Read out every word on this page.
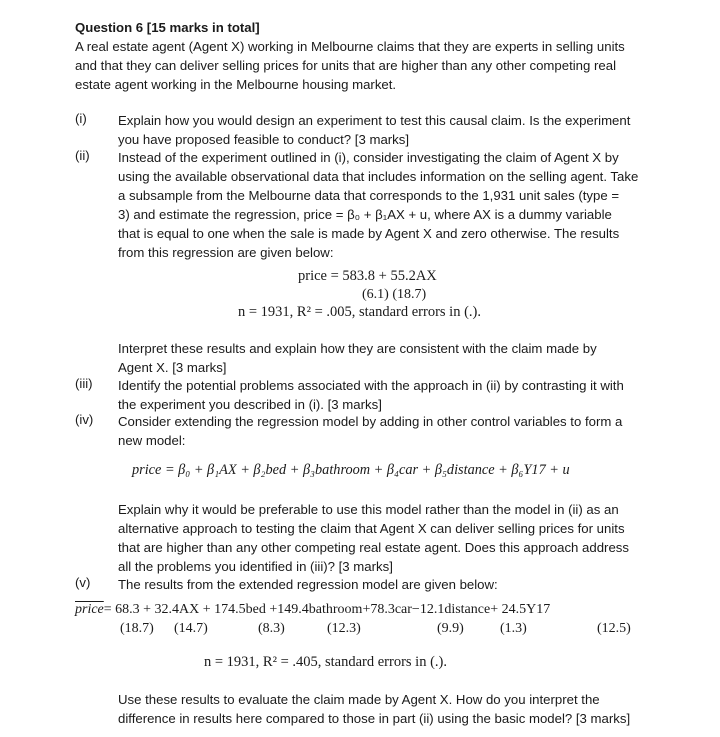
Question 6 [15 marks in total]
A real estate agent (Agent X) working in Melbourne claims that they are experts in selling units
and that they can deliver selling prices for units that are higher than any other competing real
estate agent working in the Melbourne housing market.
(i) Explain how you would design an experiment to test this causal claim. Is the experiment
you have proposed feasible to conduct? [3 marks]
(ii) Instead of the experiment outlined in (i), consider investigating the claim of Agent X by
using the available observational data that includes information on the selling agent. Take
a subsample from the Melbourne data that corresponds to the 1,931 unit sales (type =
3) and estimate the regression, price = β₀ + β₁AX + u, where AX is a dummy variable
that is equal to one when the sale is made by Agent X and zero otherwise. The results
from this regression are given below:
price = 583.8 + 55.2AX
(6.1) (18.7)
n = 1931, R² = .005, standard errors in (.).
Interpret these results and explain how they are consistent with the claim made by
Agent X. [3 marks]
(iii) Identify the potential problems associated with the approach in (ii) by contrasting it with
the experiment you described in (i). [3 marks]
(iv) Consider extending the regression model by adding in other control variables to form a
new model:
price = β₀ + β₁AX + β₂bed + β₃bathroom + β₄car + β₅distance + β₆Y17 + u
Explain why it would be preferable to use this model rather than the model in (ii) as an
alternative approach to testing the claim that Agent X can deliver selling prices for units
that are higher than any other competing real estate agent. Does this approach address
all the problems you identified in (iii)? [3 marks]
(v) The results from the extended regression model are given below:
price= 68.3 + 32.4AX + 174.5bed +149.4bathroom+78.3car−12.1distance+ 24.5Y17
(18.7) (14.7)	(8.3)	(12.3)	(9.9)	(1.3)	(12.5)
n = 1931, R² = .405, standard errors in (.).
Use these results to evaluate the claim made by Agent X. How do you interpret the
difference in results here compared to those in part (ii) using the basic model? [3 marks]
